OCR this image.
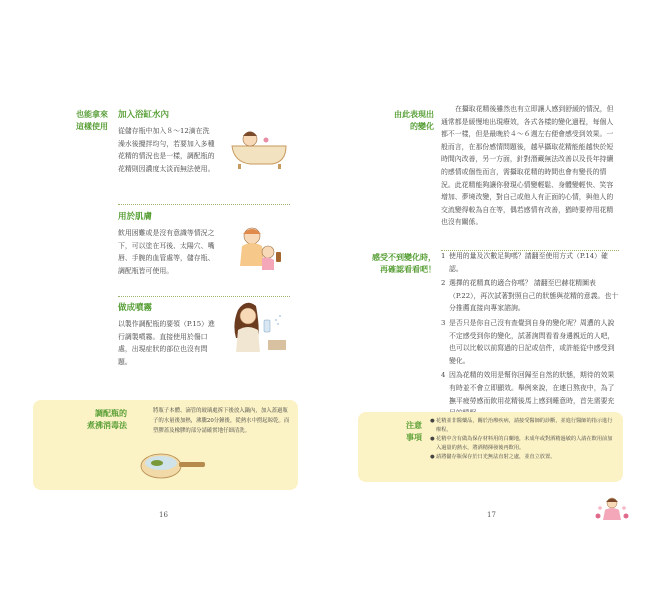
也能拿來
這樣使用
加入浴缸水內
從儲存瓶中加入８～12滴在洗澡水後攪拌均勻，若要加入多種花精的情況也是一樣，調配瓶的花精則因濃度太淡而無法使用。
用於肌膚
飲用困難或是沒有意識等情況之下，可以塗在耳後、太陽穴、嘴唇、手腕的血管處等，儲存瓶、調配瓶皆可使用。
做成噴霧
以製作調配瓶的要領（P.15）進行調製噴霧。直接使用於傷口處，出現症狀的部位也沒有問題。
調配瓶的
煮沸消毒法
將瓶子本體、滴管的玻璃處拆下後放入鍋內，加入蓋過瓶子的水量後加熱，沸騰20分鐘後，從熱水中撈起晾乾。而塑膠蓋及橡膠的部分請確實地仔細清洗。
16
由此表現出
的變化
在攝取花精後雖然也有立即讓人感到舒緩的情況，但通常都是緩慢地出現療效，各式各樣的變化過程，每個人都不一樣，但是最晚於４～６週左右便會感受到效果。一般而言，在那份感情問題後，越早攝取花精能能越快於短時間內改善，另一方面，針對潛藏無法改善以及長年持續的感情或個性而言，需攝取花精的時間也會有變長的情況。此花精能夠讓你發現心情變輕鬆、身體變輕快、笑容增加、夢境改變，對自己或他人有正面的心情，與他人的交流變得較為自在等，偶若感情有改善，猶時要停用花精也沒有關係。
感受不到變化時，
再確認看看吧！
1 使用的量及次數足夠嗎？請翻至使用方式（P.14）確認。
2 選擇的花精真的適合你嗎？ 請翻至巴赫花精圖表（P.22），再次試著對照自己的狀態與花精的意義。也十分推薦直接向專家諮詢。
3 是否只是你自己沒有查覺到自身的變化呢？周遭的人說不定感受到你的變化，試著詢問看看身邊親近的人吧，也可以比較以前寫過的日記或信件，或許能從中感受到變化。
4 因為花精的效用是幫你回歸至自然的狀態，期待的效果有時並不會立即顯效。舉例來說，在連日熬夜中，為了撫平疲勞感而飲用花精後馬上感到睡意時，首先需要充
注意
事項
● 花精並非醫藥品，關於治療疾病，請接受醫師的診斷，並進行醫師的指示進行療程。
● 花精中含有做為保存材料用的白蘭地，未成年或對酒精過敏的人請在飲用前加入過量的熱水，將酒精揮發後再飲用。
● 請將儲存瓶保存於日光無法直射之處，並直立放置。
17
